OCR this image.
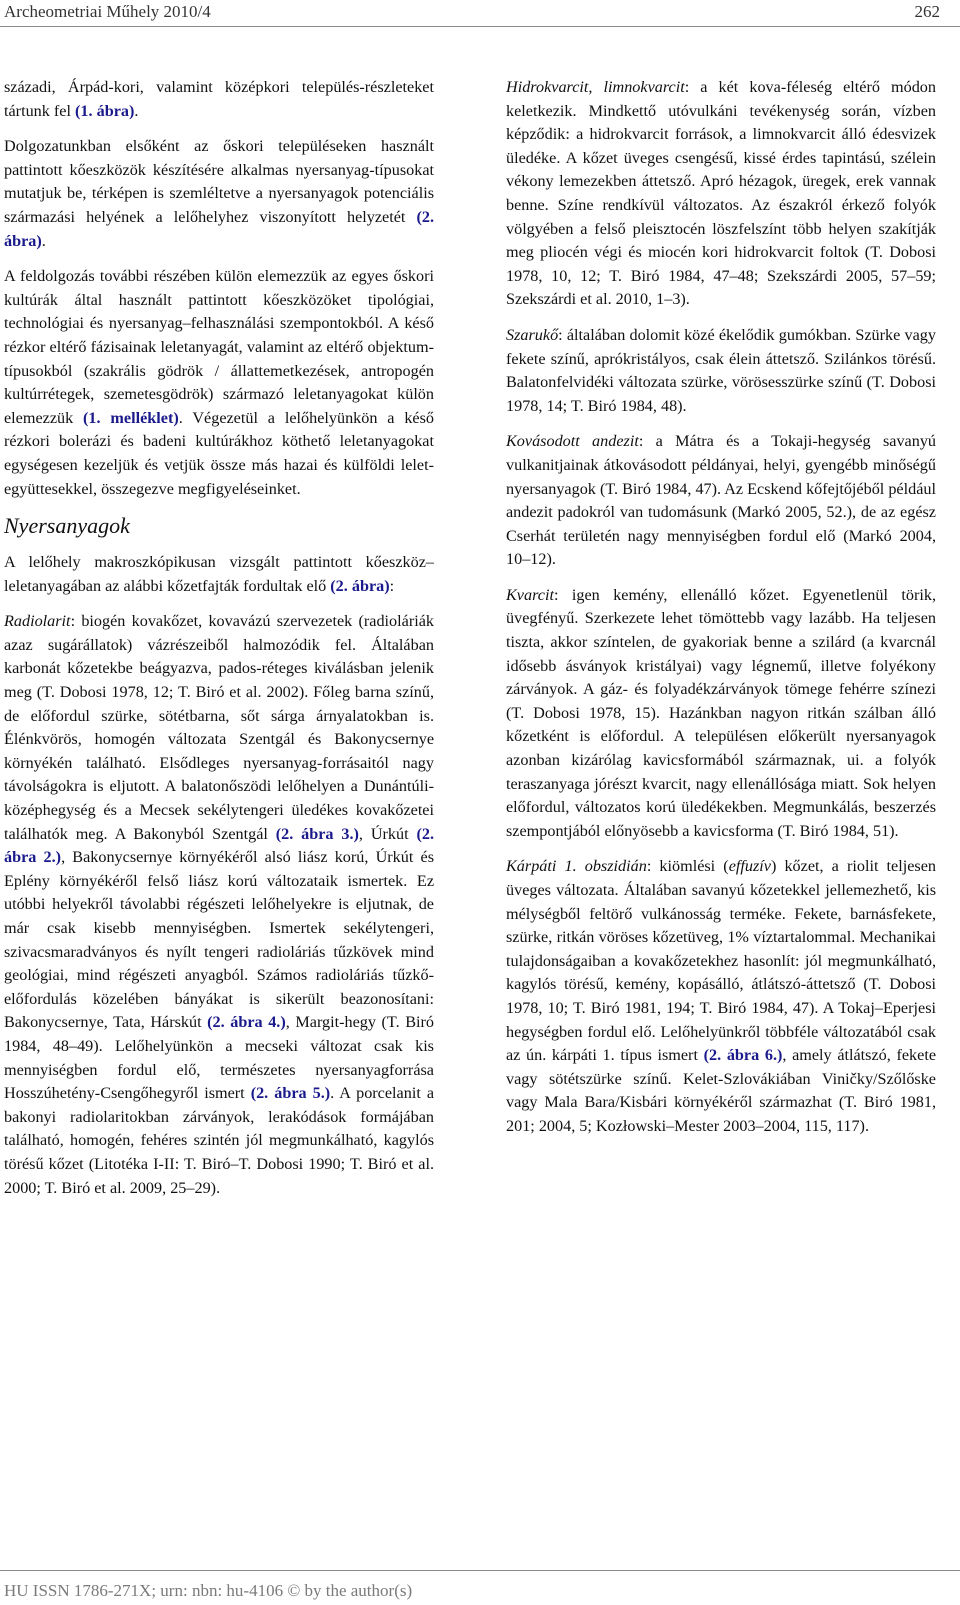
Archeometriai Műhely 2010/4	262

századi, Árpád-kori, valamint középkori település-részleteket tártunk fel (1. ábra).

Dolgozatunkban elsőként az őskori településeken használt pattintott kőeszközök készítésére alkalmas nyersanyag-típusokat mutatjuk be, térképen is szemléltetve a nyersanyagok potenciális származási helyének a lelőhelyhez viszonyított helyzetét (2. ábra).

A feldolgozás további részében külön elemezzük az egyes őskori kultúrák által használt pattintott kőeszközöket tipológiai, technológiai és nyersanyag–felhasználási szempontokból. A késő rézkor eltérő fázisainak leletanyagát, valamint az eltérő objektum-típusokból (szakrális gödrök / állattemetkezések, antropogén kultúrrétegek, szemetesgödrök) származó leletanyagokat külön elemezzük (1. melléklet). Végezetül a lelőhelyünkön a késő rézkori bolerázi és badeni kultúrákhoz köthető leletanyagokat egységesen kezeljük és vetjük össze más hazai és külföldi lelet-együttesekkel, összegezve megfigyeléseinket.

Nyersanyagok

A lelőhely makroszkópikusan vizsgált pattintott kőeszköz–leletanyagában az alábbi kőzetfajták fordultak elő (2. ábra):

Radiolarit: biogén kovakőzet, kovavázú szervezetek (radioláriák azaz sugárállatok) vázrészeiből halmozódik fel. Általában karbonát kőzetekbe beágyazva, pados-réteges kiválásban jelenik meg (T. Dobosi 1978, 12; T. Biró et al. 2002). Főleg barna színű, de előfordul szürke, sötétbarna, sőt sárga árnyalatokban is. Élénkvörös, homogén változata Szentgál és Bakonycsernye környékén található. Elsődleges nyersanyag-forrásaitól nagy távolságokra is eljutott. A balatonőszödi lelőhelyen a Dunántúli-középhegység és a Mecsek sekélytengeri üledékes kovakőzetei találhatók meg. A Bakonyból Szentgál (2. ábra 3.), Úrkút (2. ábra 2.), Bakonycsernye környékéről alsó liász korú, Úrkút és Eplény környékéről felső liász korú változataik ismertek. Ez utóbbi helyekről távolabbi régészeti lelőhelyekre is eljutnak, de már csak kisebb mennyiségben. Ismertek sekélytengeri, szivacsmaradványos és nyílt tengeri radioláriás tűzkövek mind geológiai, mind régészeti anyagból. Számos radioláriás tűzkő-előfordulás közelében bányákat is sikerült beazonosítani: Bakonycsernye, Tata, Hárskút (2. ábra 4.), Margit-hegy (T. Biró 1984, 48–49). Lelőhelyünkön a mecseki változat csak kis mennyiségben fordul elő, természetes nyersanyagforrása Hosszúhetény-Csengőhegyről ismert (2. ábra 5.). A porcelanit a bakonyi radiolaritokban zárványok, lerakódások formájában található, homogén, fehéres szintén jól megmunkálható, kagylós törésű kőzet (Litotéka I-II: T. Biró–T. Dobosi 1990; T. Biró et al. 2000; T. Biró et al. 2009, 25–29).

Hidrokvarcit, limnokvarcit: a két kova-féleség eltérő módon keletkezik. Mindkettő utóvulkáni tevékenység során, vízben képződik: a hidrokvarcit források, a limnokvarcit álló édesvizek üledéke. A kőzet üveges csengésű, kissé érdes tapintású, szélein vékony lemezekben áttetsző. Apró hézagok, üregek, erek vannak benne. Színe rendkívül változatos. Az északról érkező folyók völgyében a felső pleisztocén löszfelszínt több helyen szakítják meg pliocén végi és miocén kori hidrokvarcit foltok (T. Dobosi 1978, 10, 12; T. Biró 1984, 47–48; Szekszárdi 2005, 57–59; Szekszárdi et al. 2010, 1–3).

Szarukő: általában dolomit közé ékelődik gumókban. Szürke vagy fekete színű, aprókristályos, csak élein áttetsző. Szilánkos törésű. Balatonfelvidéki változata szürke, vörösesszürke színű (T. Dobosi 1978, 14; T. Biró 1984, 48).

Kovásodott andezit: a Mátra és a Tokaji-hegység savanyú vulkanitjainak átkovásodott példányai, helyi, gyengébb minőségű nyersanyagok (T. Biró 1984, 47). Az Ecskend kőfejtőjéből például andezit padokról van tudomásunk (Markó 2005, 52.), de az egész Cserhát területén nagy mennyiségben fordul elő (Markó 2004, 10–12).

Kvarcit: igen kemény, ellenálló kőzet. Egyenetlenül törik, üvegfényű. Szerkezete lehet tömöttebb vagy lazább. Ha teljesen tiszta, akkor színtelen, de gyakoriak benne a szilárd (a kvarcnál idősebb ásványok kristályai) vagy légnemű, illetve folyékony zárványok. A gáz- és folyadékzárványok tömege fehérre színezi (T. Dobosi 1978, 15). Hazánkban nagyon ritkán szálban álló kőzetként is előfordul. A településen előkerült nyersanyagok azonban kizárólag kavicsformából származnak, ui. a folyók teraszanyaga jórészt kvarcit, nagy ellenállósága miatt. Sok helyen előfordul, változatos korú üledékekben. Megmunkálás, beszerzés szempontjából előnyösebb a kavicsforma (T. Biró 1984, 51).

Kárpáti 1. obszidián: kiömlési (effuzív) kőzet, a riolit teljesen üveges változata. Általában savanyú kőzetekkel jellemezhető, kis mélységből feltörő vulkánosság terméke. Fekete, barnásfekete, szürke, ritkán vöröses kőzetüveg, 1% víztartalommal. Mechanikai tulajdonságaiban a kovakőzetekhez hasonlít: jól megmunkálható, kagylós törésű, kemény, kopásálló, átlátszó-áttetsző (T. Dobosi 1978, 10; T. Biró 1981, 194; T. Biró 1984, 47). A Tokaj–Eperjesi hegységben fordul elő. Lelőhelyünkről többféle változatából csak az ún. kárpáti 1. típus ismert (2. ábra 6.), amely átlátszó, fekete vagy sötétszürke színű. Kelet-Szlovákiában Viničky/Szőlőske vagy Mala Bara/Kisbári környékéről származhat (T. Biró 1981, 201; 2004, 5; Kozłowski–Mester 2003–2004, 115, 117).

HU ISSN 1786-271X; urn: nbn: hu-4106 © by the author(s)
